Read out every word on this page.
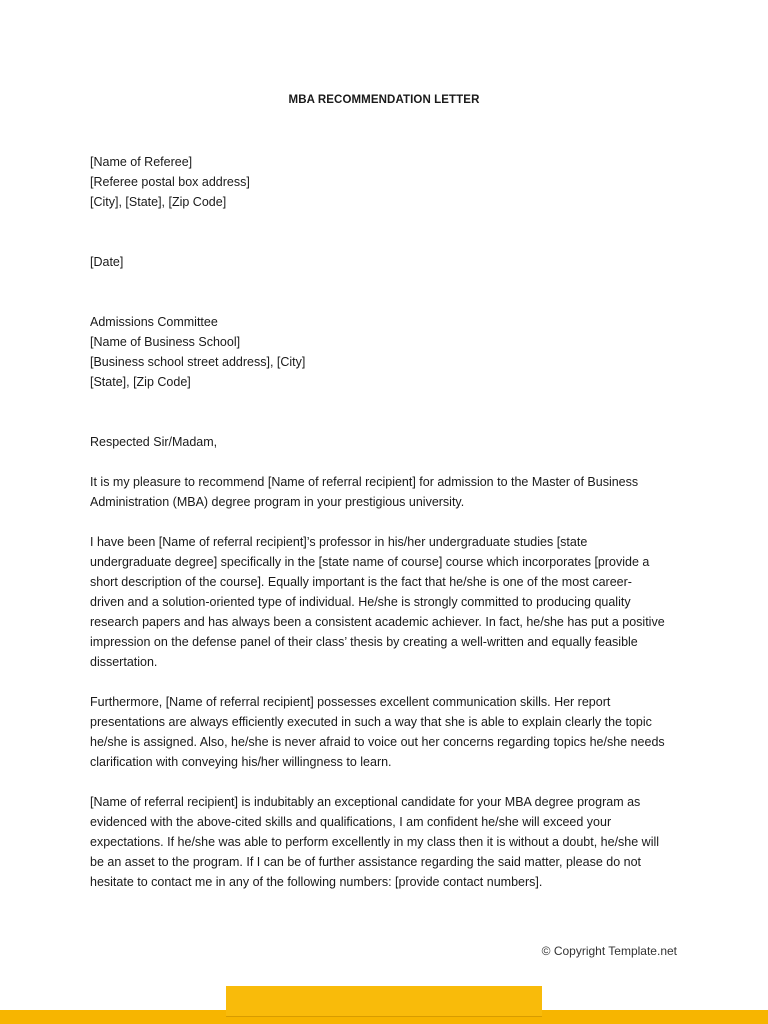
MBA RECOMMENDATION LETTER
[Name of Referee]
[Referee postal box address]
[City], [State], [Zip Code]
[Date]
Admissions Committee
[Name of Business School]
[Business school street address], [City]
[State], [Zip Code]
Respected Sir/Madam,
It is my pleasure to recommend [Name of referral recipient] for admission to the Master of Business
Administration (MBA) degree program in your prestigious university.
I have been [Name of referral recipient]’s professor in his/her undergraduate studies [state
undergraduate degree] specifically in the [state name of course] course which incorporates [provide a
short description of the course]. Equally important is the fact that he/she is one of the most career-
driven and a solution-oriented type of individual. He/she is strongly committed to producing quality
research papers and has always been a consistent academic achiever. In fact, he/she has put a positive
impression on the defense panel of their class’ thesis by creating a well-written and equally feasible
dissertation.
Furthermore, [Name of referral recipient] possesses excellent communication skills. Her report
presentations are always efficiently executed in such a way that she is able to explain clearly the topic
he/she is assigned. Also, he/she is never afraid to voice out her concerns regarding topics he/she needs
clarification with conveying his/her willingness to learn.
[Name of referral recipient] is indubitably an exceptional candidate for your MBA degree program as
evidenced with the above-cited skills and qualifications, I am confident he/she will exceed your
expectations. If he/she was able to perform excellently in my class then it is without a doubt, he/she will
be an asset to the program. If I can be of further assistance regarding the said matter, please do not
hesitate to contact me in any of the following numbers: [provide contact numbers].
© Copyright Template.net
